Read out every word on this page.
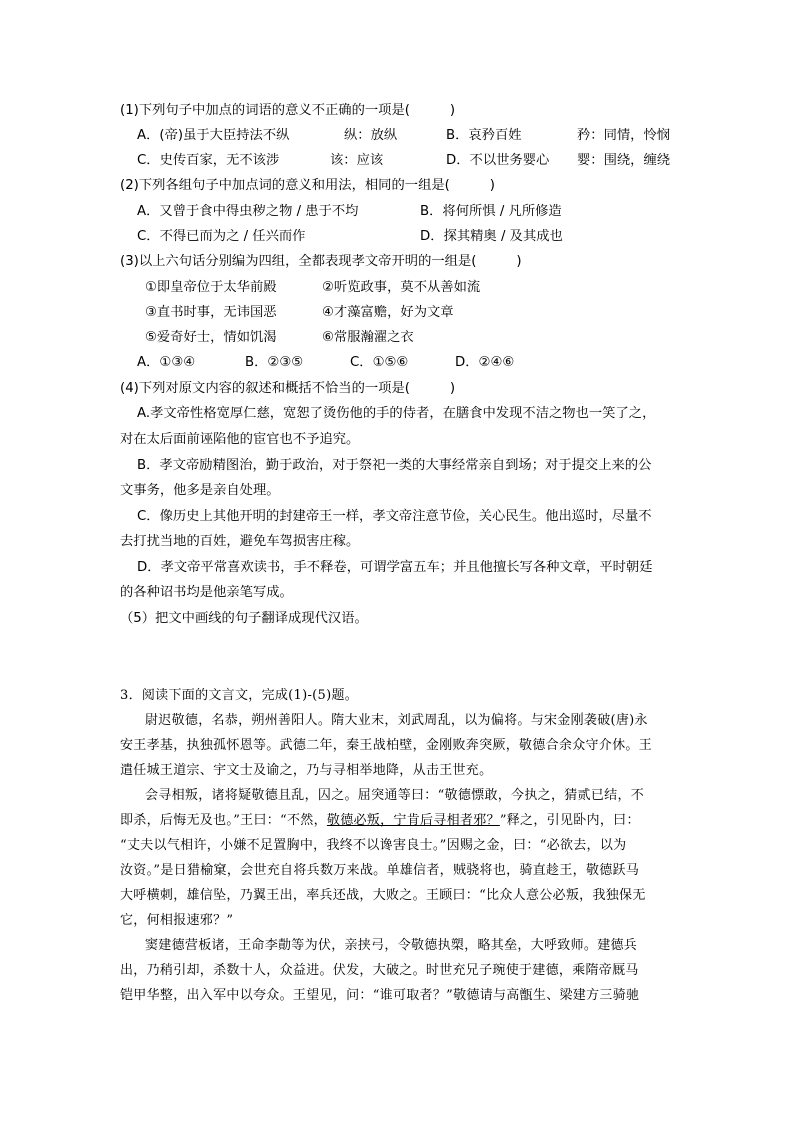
(1)下列句子中加点的词语的意义不正确的一项是(　　　)
A．(帝)虽于大臣持法不纵	纵：放纵	B．哀矜百姓	矜：同情，怜悯
C．史传百家，无不该涉	该：应该	D．不以世务婴心 婴：围绕，缠绕
(2)下列各组句子中加点词的意义和用法，相同的一组是(　　　)
A．又曾于食中得虫秽之物 / 患于不均	B．将何所惧 / 凡所修造
C．不得已而为之 / 任兴而作	D．探其精奥 / 及其成也
(3)以上六句话分别编为四组，全都表现孝文帝开明的一组是(　　　)
①即皇帝位于太华前殿	②听览政事，莫不从善如流
③直书时事，无讳国恶	④才藻富赡，好为文章
⑤爱奇好士，情如饥渴	⑥常服瀚濯之衣
A．①③④	B．②③⑤	C．①⑤⑥	D．②④⑥
(4)下列对原文内容的叙述和概括不恰当的一项是(　　　)
A.孝文帝性格宽厚仁慈，宽恕了烫伤他的手的侍者，在膳食中发现不洁之物也一笑了之，
对在太后面前诬陷他的宦官也不予追究。
B．孝文帝励精图治，勤于政治，对于祭祀一类的大事经常亲自到场；对于提交上来的公
文事务，他多是亲自处理。
C．像历史上其他开明的封建帝王一样，孝文帝注意节俭，关心民生。他出巡时，尽量不
去打扰当地的百姓，避免车驾损害庄稼。
D．孝文帝平常喜欢读书，手不释卷，可谓学富五车；并且他擅长写各种文章，平时朝廷
的各种诏书均是他亲笔写成。
（5）把文中画线的句子翻译成现代汉语。
3．阅读下面的文言文，完成(1)-(5)题。
尉迟敬德，名恭，朔州善阳人。隋大业末，刘武周乱，以为偏将。与宋金刚袭破(唐)永
安王孝基，执独孤怀恩等。武德二年，秦王战柏壁，金刚败奔突厥，敬德合余众守介休。王
遣任城王道宗、宇文士及谕之，乃与寻相举地降，从击王世充。
会寻相叛，诸将疑敬德且乱，囚之。屈突通等曰：“敬德慓敢，今执之，猜贰已结，不
即杀，后悔无及也。”王曰：“不然，敬德必叛，宁肯后寻相者邪？”释之，引见卧内，曰：
“丈夫以气相许，小嫌不足置胸中，我终不以谗害良士。”因赐之金，曰：“必欲去，以为
汝资。”是日猎榆窠，会世充自将兵数万来战。单雄信者，贼骁将也，骑直趁王，敬德跃马
大呼横刺，雄信坠，乃翼王出，率兵还战，大败之。王顾曰：“比众人意公必叛，我独保无
它，何相报速邪？”
窦建德营板诸，王命李勣等为伏，亲挟弓，令敬德执槊，略其垒，大呼致师。建德兵
出，乃稍引却，杀数十人，众益进。伏发，大破之。时世充兄子琬使于建德，乘隋帝厩马
铠甲华整，出入军中以夸众。王望见，问：“谁可取者？”敬德请与高甑生、梁建方三骑驰
